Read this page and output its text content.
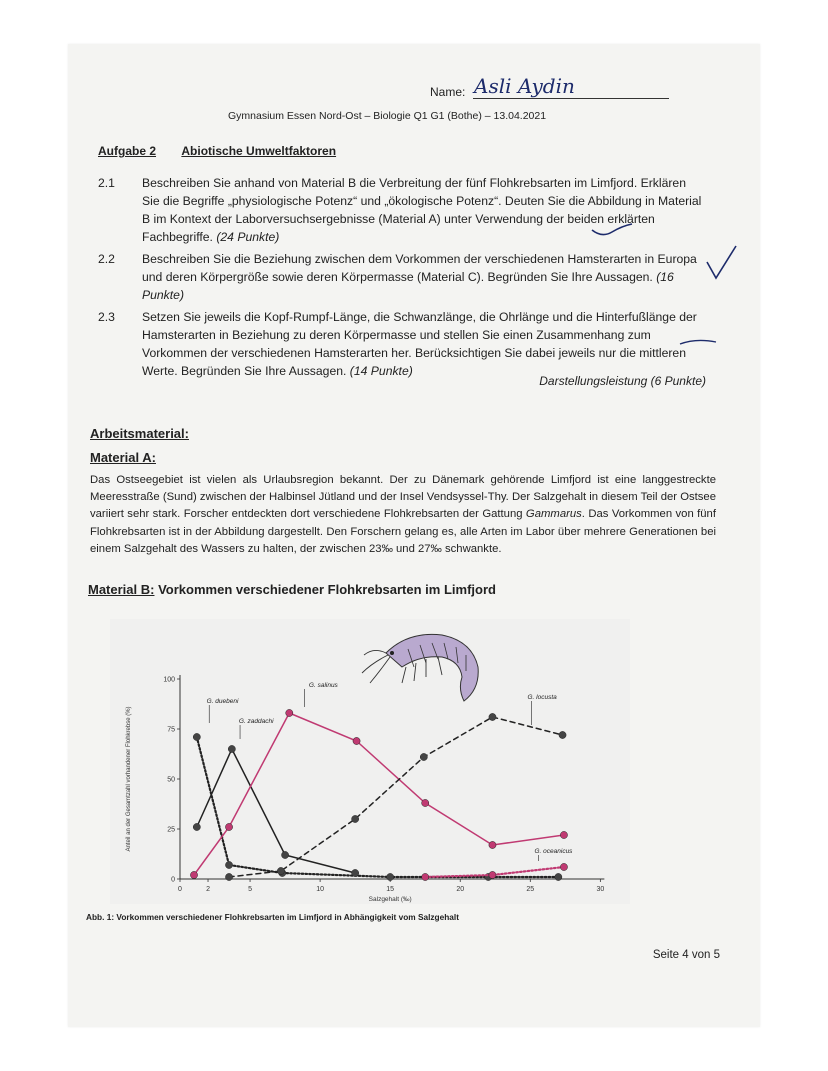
Name: Asli Aydin
Gymnasium Essen Nord-Ost – Biologie Q1 G1 (Bothe) – 13.04.2021
Aufgabe 2 Abiotische Umweltfaktoren
2.1 Beschreiben Sie anhand von Material B die Verbreitung der fünf Flohkrebsarten im Limfjord. Erklären Sie die Begriffe „physiologische Potenz“ und „ökologische Potenz“. Deuten Sie die Abbildung in Material B im Kontext der Laborversuchsergebnisse (Material A) unter Verwendung der beiden erklärten Fachbegriffe. (24 Punkte)
2.2 Beschreiben Sie die Beziehung zwischen dem Vorkommen der verschiedenen Hamsterarten in Europa und deren Körpergröße sowie deren Körpermasse (Material C). Begründen Sie Ihre Aussagen. (16 Punkte)
2.3 Setzen Sie jeweils die Kopf-Rumpf-Länge, die Schwanzlänge, die Ohrlänge und die Hinterfußlänge der Hamsterarten in Beziehung zu deren Körpermasse und stellen Sie einen Zusammenhang zum Vorkommen der verschiedenen Hamsterarten her. Berücksichtigen Sie dabei jeweils nur die mittleren Werte. Begründen Sie Ihre Aussagen. (14 Punkte)
Darstellungsleistung (6 Punkte)
Arbeitsmaterial:
Material A:
Das Ostseegebiet ist vielen als Urlaubsregion bekannt. Der zu Dänemark gehörende Limfjord ist eine langgestreckte Meeresstraße (Sund) zwischen der Halbinsel Jütland und der Insel Vendsyssel-Thy. Der Salzgehalt in diesem Teil der Ostsee variiert sehr stark. Forscher entdeckten dort verschiedene Flohkrebsarten der Gattung Gammarus. Das Vorkommen von fünf Flohkrebsarten ist in der Abbildung dargestellt. Den Forschern gelang es, alle Arten im Labor über mehrere Generationen bei einem Salzgehalt des Wassers zu halten, der zwischen 23‰ und 27‰ schwankte.
Material B: Vorkommen verschiedener Flohkrebsarten im Limfjord
0	2	5	10	15	20	25	30
0
25
50
75
100
Salzgehalt (‰)
Anteil an der Gesamtzahl vorhandener Flohkrebse (%)
G. duebeni
G. zaddachi
G. salinus
G. locusta
G. oceanicus
Abb. 1: Vorkommen verschiedener Flohkrebsarten im Limfjord in Abhängigkeit vom Salzgehalt
Seite 4 von 5
